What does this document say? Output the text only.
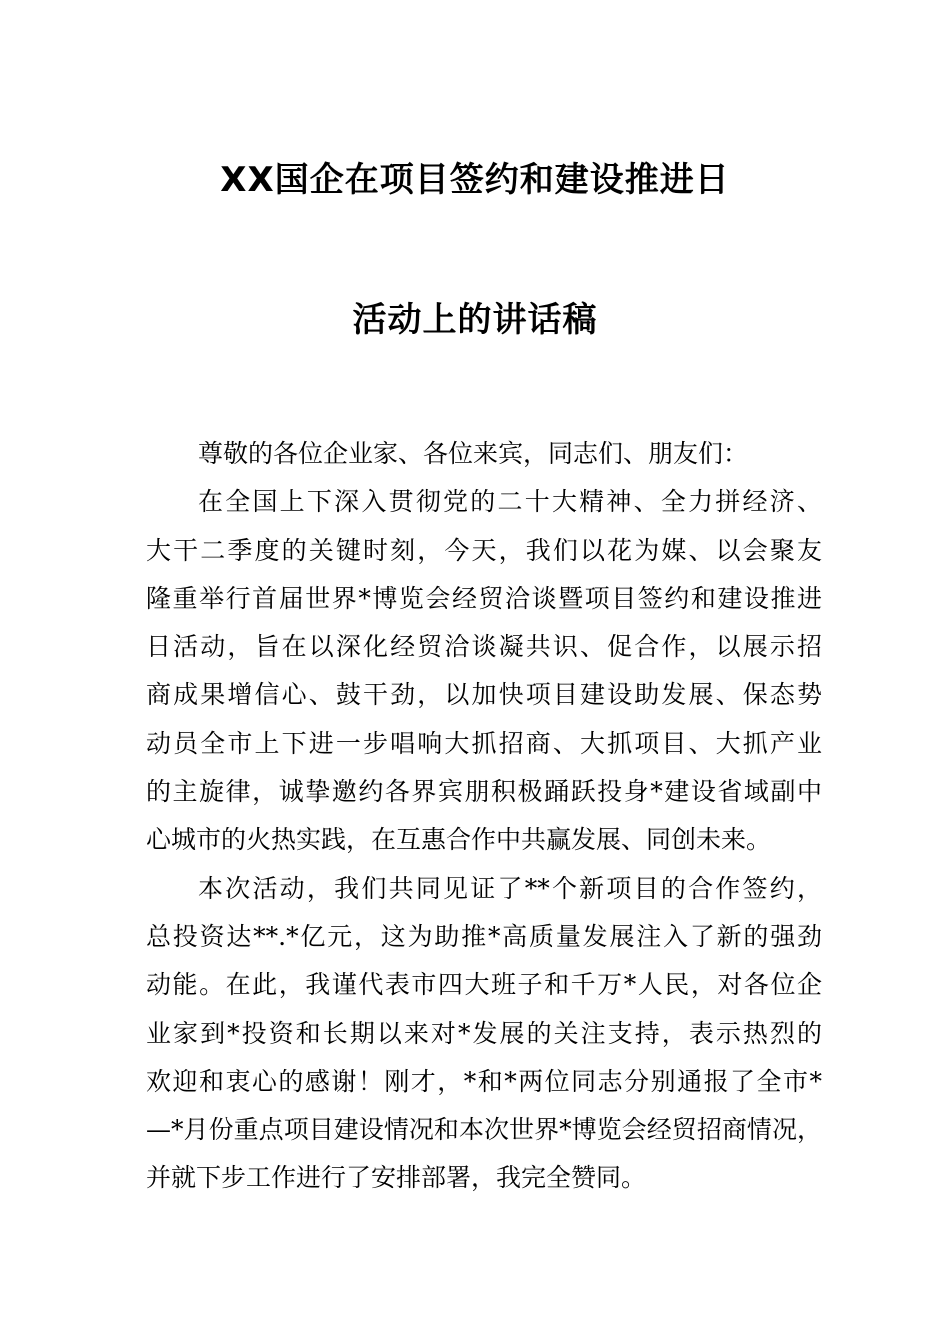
XX国企在项目签约和建设推进日
活动上的讲话稿
尊敬的各位企业家、各位来宾，同志们、朋友们：
在全国上下深入贯彻党的二十大精神、全力拼经济、
大干二季度的关键时刻，今天，我们以花为媒、以会聚友
隆重举行首届世界*博览会经贸洽谈暨项目签约和建设推进
日活动，旨在以深化经贸洽谈凝共识、促合作，以展示招
商成果增信心、鼓干劲，以加快项目建设助发展、保态势
动员全市上下进一步唱响大抓招商、大抓项目、大抓产业
的主旋律，诚挚邀约各界宾朋积极踊跃投身*建设省域副中
心城市的火热实践，在互惠合作中共赢发展、同创未来。
本次活动，我们共同见证了**个新项目的合作签约，
总投资达**.*亿元，这为助推*高质量发展注入了新的强劲
动能。在此，我谨代表市四大班子和千万*人民，对各位企
业家到*投资和长期以来对*发展的关注支持，表示热烈的
欢迎和衷心的感谢！刚才，*和*两位同志分别通报了全市*
—*月份重点项目建设情况和本次世界*博览会经贸招商情况，
并就下步工作进行了安排部署，我完全赞同。
